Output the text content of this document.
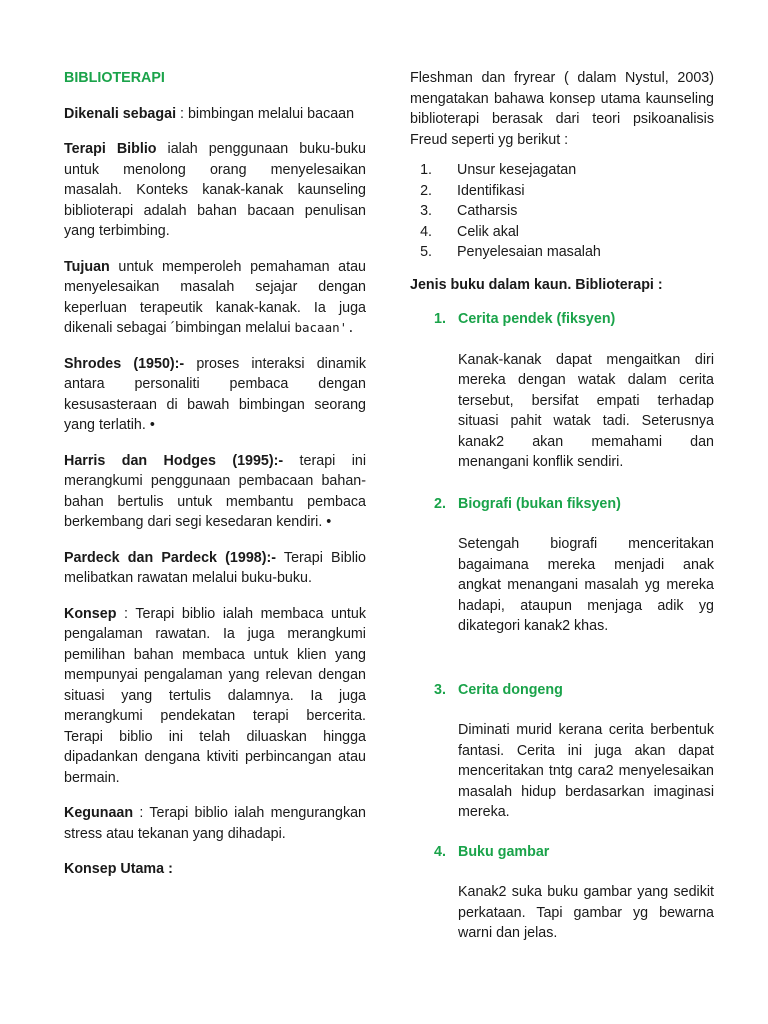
BIBLIOTERAPI

Dikenali sebagai : bimbingan melalui bacaan

Terapi Biblio ialah penggunaan buku-buku untuk menolong orang menyelesaikan masalah. Konteks kanak-kanak kaunseling biblioterapi adalah bahan bacaan penulisan yang terbimbing.

Tujuan untuk memperoleh pemahaman atau menyelesaikan masalah sejajar dengan keperluan terapeutik kanak-kanak. Ia juga dikenali sebagai ´bimbingan melalui bacaan'.

Shrodes (1950):- proses interaksi dinamik antara personaliti pembaca dengan kesusasteraan di bawah bimbingan seorang yang terlatih. •

Harris dan Hodges (1995):- terapi ini merangkumi penggunaan pembacaan bahan- bahan bertulis untuk membantu pembaca berkembang dari segi kesedaran kendiri. •

Pardeck dan Pardeck (1998):- Terapi Biblio melibatkan rawatan melalui buku-buku.

Konsep : Terapi biblio ialah membaca untuk pengalaman rawatan. Ia juga merangkumi pemilihan bahan membaca untuk klien yang mempunyai pengalaman yang relevan dengan situasi yang tertulis dalamnya. Ia juga merangkumi pendekatan terapi bercerita. Terapi biblio ini telah diluaskan hingga dipadankan dengana ktiviti perbincangan atau bermain.

Kegunaan : Terapi biblio ialah mengurangkan stress atau tekanan yang dihadapi.

Konsep Utama :

Fleshman dan fryrear ( dalam Nystul, 2003) mengatakan bahawa konsep utama kaunseling biblioterapi berasak dari teori psikoanalisis Freud seperti yg berikut :

1. Unsur kesejagatan
2. Identifikasi
3. Catharsis
4. Celik akal
5. Penyelesaian masalah

Jenis buku dalam kaun. Biblioterapi :

1. Cerita pendek (fiksyen)

Kanak-kanak dapat mengaitkan diri mereka dengan watak dalam cerita tersebut, bersifat empati terhadap situasi pahit watak tadi. Seterusnya kanak2 akan memahami dan menangani konflik sendiri.

2. Biografi (bukan fiksyen)

Setengah biografi menceritakan bagaimana mereka menjadi anak angkat menangani masalah yg mereka hadapi, ataupun menjaga adik yg dikategori kanak2 khas.

3. Cerita dongeng

Diminati murid kerana cerita berbentuk fantasi. Cerita ini juga akan dapat menceritakan tntg cara2 menyelesaikan masalah hidup berdasarkan imaginasi mereka.

4. Buku gambar

Kanak2 suka buku gambar yang sedikit perkataan. Tapi gambar yg bewarna warni dan jelas.
